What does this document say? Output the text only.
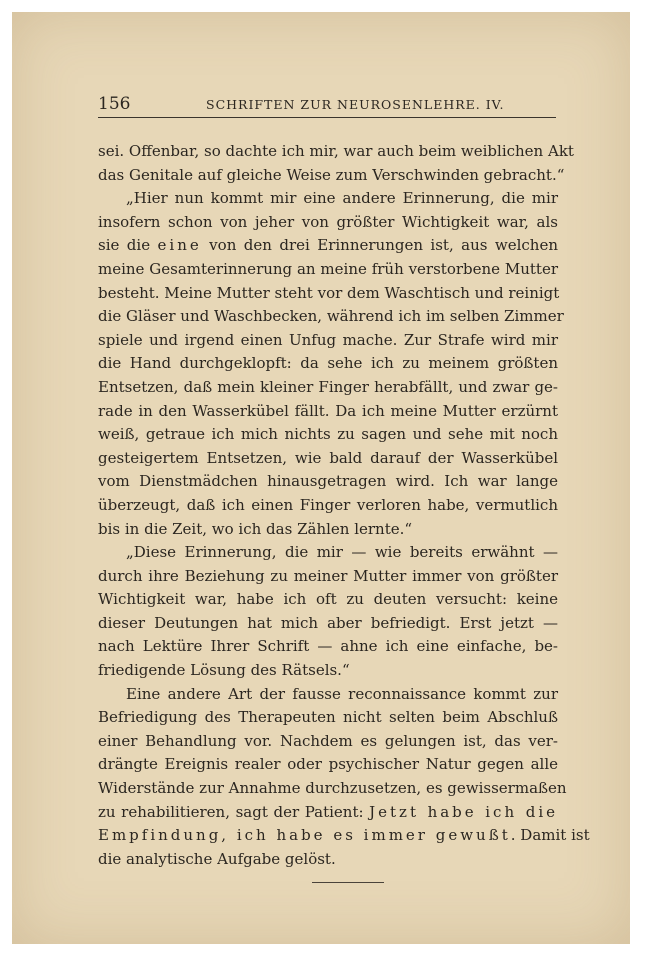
156	SCHRIFTEN ZUR NEUROSENLEHRE. IV.
sei. Offenbar, so dachte ich mir, war auch beim weiblichen Akt
das Genitale auf gleiche Weise zum Verschwinden gebracht.“
„Hier nun kommt mir eine andere Erinnerung, die mir
insofern schon von jeher von größter Wichtigkeit war, als
sie die eine von den drei Erinnerungen ist, aus welchen
meine Gesamterinnerung an meine früh verstorbene Mutter
besteht. Meine Mutter steht vor dem Waschtisch und reinigt
die Gläser und Waschbecken, während ich im selben Zimmer
spiele und irgend einen Unfug mache. Zur Strafe wird mir
die Hand durchgeklopft: da sehe ich zu meinem größten
Entsetzen, daß mein kleiner Finger herabfällt, und zwar ge-
rade in den Wasserkübel fällt. Da ich meine Mutter erzürnt
weiß, getraue ich mich nichts zu sagen und sehe mit noch
gesteigertem Entsetzen, wie bald darauf der Wasserkübel
vom Dienstmädchen hinausgetragen wird. Ich war lange
überzeugt, daß ich einen Finger verloren habe, vermutlich
bis in die Zeit, wo ich das Zählen lernte.“
„Diese Erinnerung, die mir — wie bereits erwähnt —
durch ihre Beziehung zu meiner Mutter immer von größter
Wichtigkeit war, habe ich oft zu deuten versucht: keine
dieser Deutungen hat mich aber befriedigt. Erst jetzt —
nach Lektüre Ihrer Schrift — ahne ich eine einfache, be-
friedigende Lösung des Rätsels.“
Eine andere Art der fausse reconnaissance kommt zur
Befriedigung des Therapeuten nicht selten beim Abschluß
einer Behandlung vor. Nachdem es gelungen ist, das ver-
drängte Ereignis realer oder psychischer Natur gegen alle
Widerstände zur Annahme durchzusetzen, es gewissermaßen
zu rehabilitieren, sagt der Patient: Jetzt habe ich die
Empfindung, ich habe es immer gewußt. Damit ist
die analytische Aufgabe gelöst.
